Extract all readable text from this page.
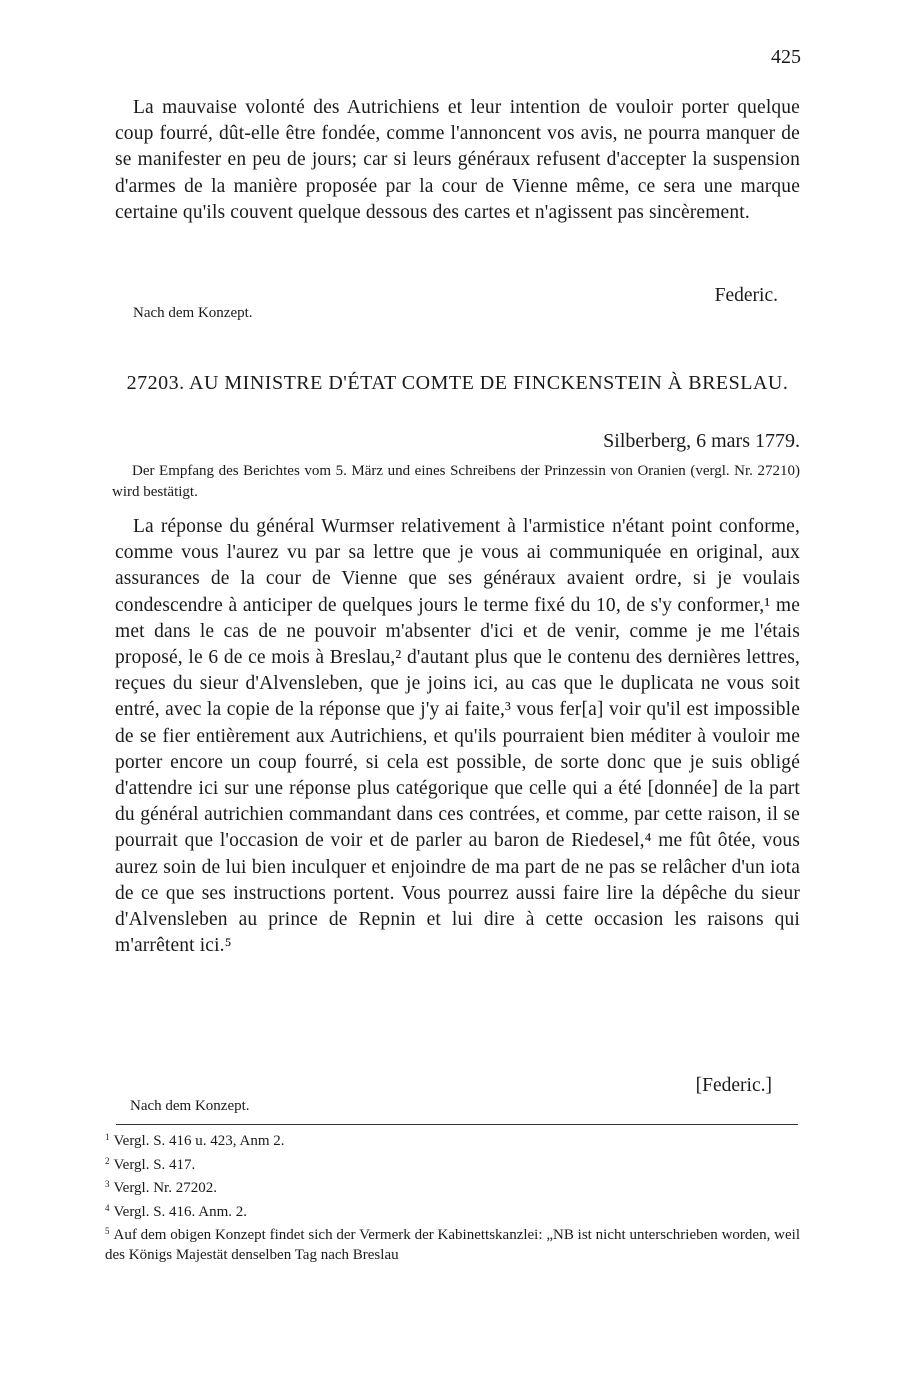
425
La mauvaise volonté des Autrichiens et leur intention de vouloir porter quelque coup fourré, dût-elle être fondée, comme l'annoncent vos avis, ne pourra manquer de se manifester en peu de jours; car si leurs généraux refusent d'accepter la suspension d'armes de la manière proposée par la cour de Vienne même, ce sera une marque certaine qu'ils couvent quelque dessous des cartes et n'agissent pas sincèrement.
Federic.
Nach dem Konzept.
27203. AU MINISTRE D'ÉTAT COMTE DE FINCKENSTEIN À BRESLAU.
Silberberg, 6 mars 1779.
Der Empfang des Berichtes vom 5. März und eines Schreibens der Prinzessin von Oranien (vergl. Nr. 27210) wird bestätigt.
La réponse du général Wurmser relativement à l'armistice n'étant point conforme, comme vous l'aurez vu par sa lettre que je vous ai communiquée en original, aux assurances de la cour de Vienne que ses généraux avaient ordre, si je voulais condescendre à anticiper de quelques jours le terme fixé du 10, de s'y conformer,¹ me met dans le cas de ne pouvoir m'absenter d'ici et de venir, comme je me l'étais proposé, le 6 de ce mois à Breslau,² d'autant plus que le contenu des dernières lettres, reçues du sieur d'Alvensleben, que je joins ici, au cas que le duplicata ne vous soit entré, avec la copie de la réponse que j'y ai faite,³ vous fer[a] voir qu'il est impossible de se fier entièrement aux Autrichiens, et qu'ils pourraient bien méditer à vouloir me porter encore un coup fourré, si cela est possible, de sorte donc que je suis obligé d'attendre ici sur une réponse plus catégorique que celle qui a été [donnée] de la part du général autrichien commandant dans ces contrées, et comme, par cette raison, il se pourrait que l'occasion de voir et de parler au baron de Riedesel,⁴ me fût ôtée, vous aurez soin de lui bien inculquer et enjoindre de ma part de ne pas se relâcher d'un iota de ce que ses instructions portent. Vous pourrez aussi faire lire la dépêche du sieur d'Alvensleben au prince de Repnin et lui dire à cette occasion les raisons qui m'arrêtent ici.⁵
[Federic.]
Nach dem Konzept.
$^1$ Vergl. S. 416 u. 423, Anm 2.
$^2$ Vergl. S. 417.
$^3$ Vergl. Nr. 27202.
$^4$ Vergl. S. 416. Anm. 2.
$^5$ Auf dem obigen Konzept findet sich der Vermerk der Kabinettskanzlei: „NB ist nicht unterschrieben worden, weil des Königs Majestät denselben Tag nach Breslau
